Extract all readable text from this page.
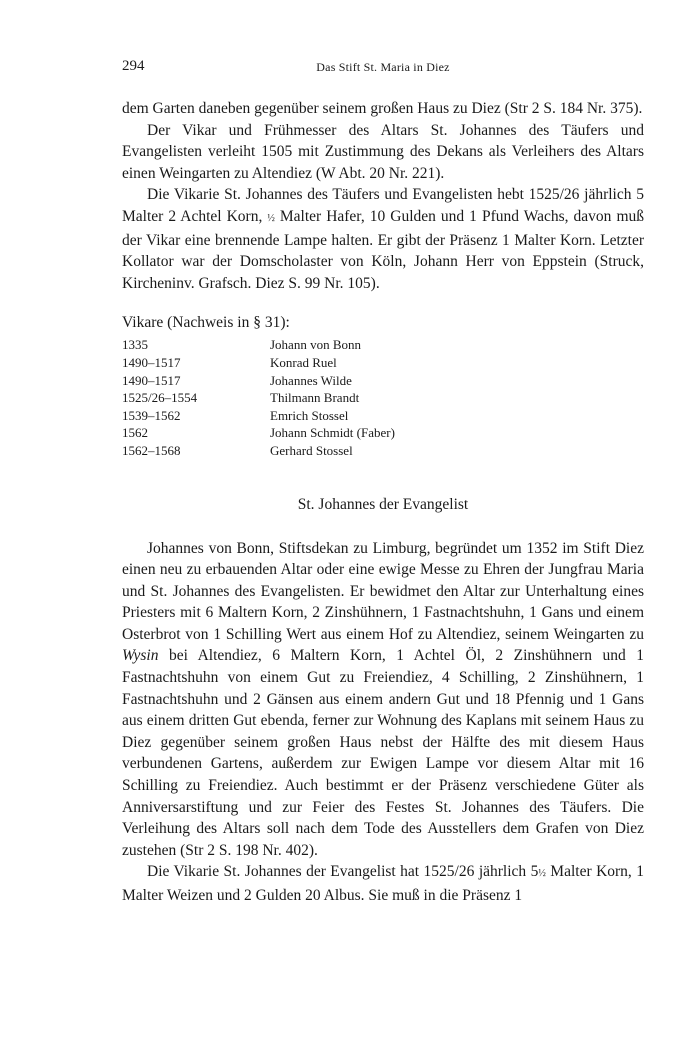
294	Das Stift St. Maria in Diez

dem Garten daneben gegenüber seinem großen Haus zu Diez (Str 2 S. 184 Nr. 375).

Der Vikar und Frühmesser des Altars St. Johannes des Täufers und Evangelisten verleiht 1505 mit Zustimmung des Dekans als Verleihers des Altars einen Weingarten zu Altendiez (W Abt. 20 Nr. 221).

Die Vikarie St. Johannes des Täufers und Evangelisten hebt 1525/26 jährlich 5 Malter 2 Achtel Korn, ½ Malter Hafer, 10 Gulden und 1 Pfund Wachs, davon muß der Vikar eine brennende Lampe halten. Er gibt der Präsenz 1 Malter Korn. Letzter Kollator war der Domscholaster von Köln, Johann Herr von Eppstein (Struck, Kircheninv. Grafsch. Diez S. 99 Nr. 105).

Vikare (Nachweis in § 31):
1335	Johann von Bonn
1490–1517	Konrad Ruel
1490–1517	Johannes Wilde
1525/26–1554	Thilmann Brandt
1539–1562	Emrich Stossel
1562	Johann Schmidt (Faber)
1562–1568	Gerhard Stossel
St. Johannes der Evangelist

Johannes von Bonn, Stiftsdekan zu Limburg, begründet um 1352 im Stift Diez einen neu zu erbauenden Altar oder eine ewige Messe zu Ehren der Jungfrau Maria und St. Johannes des Evangelisten. Er bewidmet den Altar zur Unterhaltung eines Priesters mit 6 Maltern Korn, 2 Zinshühnern, 1 Fastnachtshuhn, 1 Gans und einem Osterbrot von 1 Schilling Wert aus einem Hof zu Altendiez, seinem Weingarten zu Wysin bei Altendiez, 6 Maltern Korn, 1 Achtel Öl, 2 Zinshühnern und 1 Fastnachtshuhn von einem Gut zu Freiendiez, 4 Schilling, 2 Zinshühnern, 1 Fastnachtshuhn und 2 Gänsen aus einem andern Gut und 18 Pfennig und 1 Gans aus einem dritten Gut ebenda, ferner zur Wohnung des Kaplans mit seinem Haus zu Diez gegenüber seinem großen Haus nebst der Hälfte des mit diesem Haus verbundenen Gartens, außerdem zur Ewigen Lampe vor diesem Altar mit 16 Schilling zu Freiendiez. Auch bestimmt er der Präsenz verschiedene Güter als Anniversarstiftung und zur Feier des Festes St. Johannes des Täufers. Die Verleihung des Altars soll nach dem Tode des Ausstellers dem Grafen von Diez zustehen (Str 2 S. 198 Nr. 402).

Die Vikarie St. Johannes der Evangelist hat 1525/26 jährlich 5½ Malter Korn, 1 Malter Weizen und 2 Gulden 20 Albus. Sie muß in die Präsenz 1
